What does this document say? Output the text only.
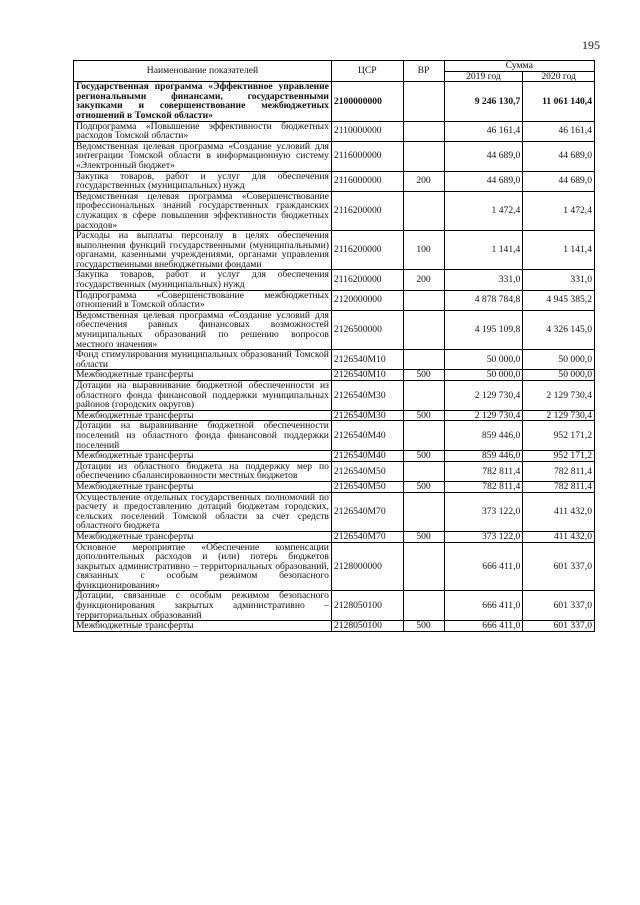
195
Наименование показателей	ЦСР	ВР	Сумма	
			2019 год	2020 год
Государственная программа «Эффективное управление региональными финансами, государственными закупками и совершенствование межбюджетных отношений в Томской области»	2100000000		9 246 130,7	11 061 140,4
Подпрограмма «Повышение эффективности бюджетных расходов Томской области»	2110000000		46 161,4	46 161,4
Ведомственная целевая программа «Создание условий для интеграции Томской области в информационную систему «Электронный бюджет»	2116000000		44 689,0	44 689,0
Закупка товаров, работ и услуг для обеспечения государственных (муниципальных) нужд	2116000000	200	44 689,0	44 689,0
Ведомственная целевая программа «Совершенствование профессиональных знаний государственных гражданских служащих в сфере повышения эффективности бюджетных расходов»	2116200000		1 472,4	1 472,4
Расходы на выплаты персоналу в целях обеспечения выполнения функций государственными (муниципальными) органами, казенными учреждениями, органами управления государственными внебюджетными фондами	2116200000	100	1 141,4	1 141,4
Закупка товаров, работ и услуг для обеспечения государственных (муниципальных) нужд	2116200000	200	331,0	331,0
Подпрограмма «Совершенствование межбюджетных отношений в Томской области»	2120000000		4 878 784,8	4 945 385,2
Ведомственная целевая программа «Создание условий для обеспечения равных финансовых возможностей муниципальных образований по решению вопросов местного значения»	2126500000		4 195 109,8	4 326 145,0
Фонд стимулирования муниципальных образований Томской области	2126540М10		50 000,0	50 000,0
Межбюджетные трансферты	2126540М10	500	50 000,0	50 000,0
Дотации на выравнивание бюджетной обеспеченности из областного фонда финансовой поддержки муниципальных районов (городских округов)	2126540М30		2 129 730,4	2 129 730,4
Межбюджетные трансферты	2126540М30	500	2 129 730,4	2 129 730,4
Дотации на выравнивание бюджетной обеспеченности поселений из областного фонда финансовой поддержки поселений	2126540М40		859 446,0	952 171,2
Межбюджетные трансферты	2126540М40	500	859 446,0	952 171,2
Дотации из областного бюджета на поддержку мер по обеспечению сбалансированности местных бюджетов	2126540М50		782 811,4	782 811,4
Межбюджетные трансферты	2126540М50	500	782 811,4	782 811,4
Осуществление отдельных государственных полномочий по расчету и предоставлению дотаций бюджетам городских, сельских поселений Томской области за счет средств областного бюджета	2126540М70		373 122,0	411 432,0
Межбюджетные трансферты	2126540М70	500	373 122,0	411 432,0
Основное мероприятие «Обеспечение компенсации дополнительных расходов и (или) потерь бюджетов закрытых административно – территориальных образований, связанных с особым режимом безопасного функционирования»	2128000000		666 411,0	601 337,0
Дотации, связанные с особым режимом безопасного функционирования закрытых административно – территориальных образований	2128050100		666 411,0	601 337,0
Межбюджетные трансферты	2128050100	500	666 411,0	601 337,0
